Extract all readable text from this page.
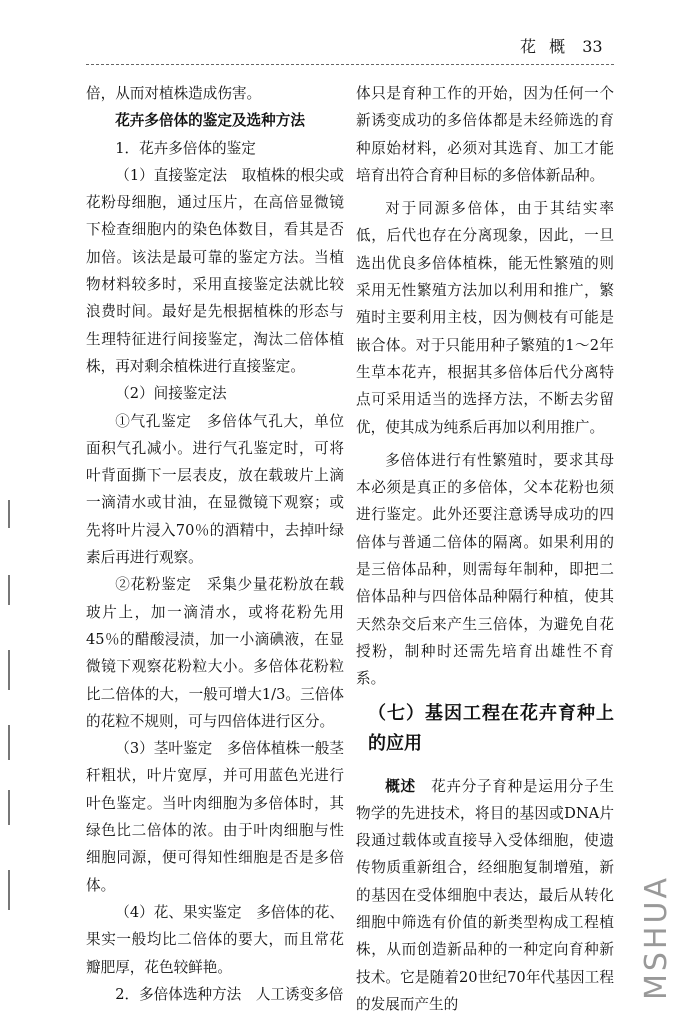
花 概 33

倍，从而对植株造成伤害。

花卉多倍体的鉴定及选种方法

1．花卉多倍体的鉴定

（1）直接鉴定法　取植株的根尖或花粉母细胞，通过压片，在高倍显微镜下检查细胞内的染色体数目，看其是否加倍。该法是最可靠的鉴定方法。当植物材料较多时，采用直接鉴定法就比较浪费时间。最好是先根据植株的形态与生理特征进行间接鉴定，淘汰二倍体植株，再对剩余植株进行直接鉴定。

（2）间接鉴定法

①气孔鉴定　多倍体气孔大，单位面积气孔减小。进行气孔鉴定时，可将叶背面撕下一层表皮，放在载玻片上滴一滴清水或甘油，在显微镜下观察；或先将叶片浸入70％的酒精中，去掉叶绿素后再进行观察。

②花粉鉴定　采集少量花粉放在载玻片上，加一滴清水，或将花粉先用45％的醋酸浸渍，加一小滴碘液，在显微镜下观察花粉粒大小。多倍体花粉粒比二倍体的大，一般可增大1/3。三倍体的花粒不规则，可与四倍体进行区分。

（3）茎叶鉴定　多倍体植株一般茎秆粗状，叶片宽厚，并可用蓝色光进行叶色鉴定。当叶肉细胞为多倍体时，其绿色比二倍体的浓。由于叶肉细胞与性细胞同源，便可得知性细胞是否是多倍体。

（4）花、果实鉴定　多倍体的花、果实一般均比二倍体的要大，而且常花瓣肥厚，花色较鲜艳。

2．多倍体选种方法　人工诱变多倍

体只是育种工作的开始，因为任何一个新诱变成功的多倍体都是未经筛选的育种原始材料，必须对其选育、加工才能培育出符合育种目标的多倍体新品种。

对于同源多倍体，由于其结实率低，后代也存在分离现象，因此，一旦选出优良多倍体植株，能无性繁殖的则采用无性繁殖方法加以利用和推广，繁殖时主要利用主枝，因为侧枝有可能是嵌合体。对于只能用种子繁殖的1～2年生草本花卉，根据其多倍体后代分离特点可采用适当的选择方法，不断去劣留优，使其成为纯系后再加以利用推广。

多倍体进行有性繁殖时，要求其母本必须是真正的多倍体，父本花粉也须进行鉴定。此外还要注意诱导成功的四倍体与普通二倍体的隔离。如果利用的是三倍体品种，则需每年制种，即把二倍体品种与四倍体品种隔行种植，使其天然杂交后来产生三倍体，为避免自花授粉，制种时还需先培育出雄性不育系。

（七）基因工程在花卉育种上的应用

概述　 花卉分子育种是运用分子生物学的先进技术，将目的基因或DNA片段通过载体或直接导入受体细胞，使遗传物质重新组合，经细胞复制增殖，新的基因在受体细胞中表达，最后从转化细胞中筛选有价值的新类型构成工程植株，从而创造新品种的一种定向育种新技术。它是随着20世纪70年代基因工程的发展而产生的

MSHUA
